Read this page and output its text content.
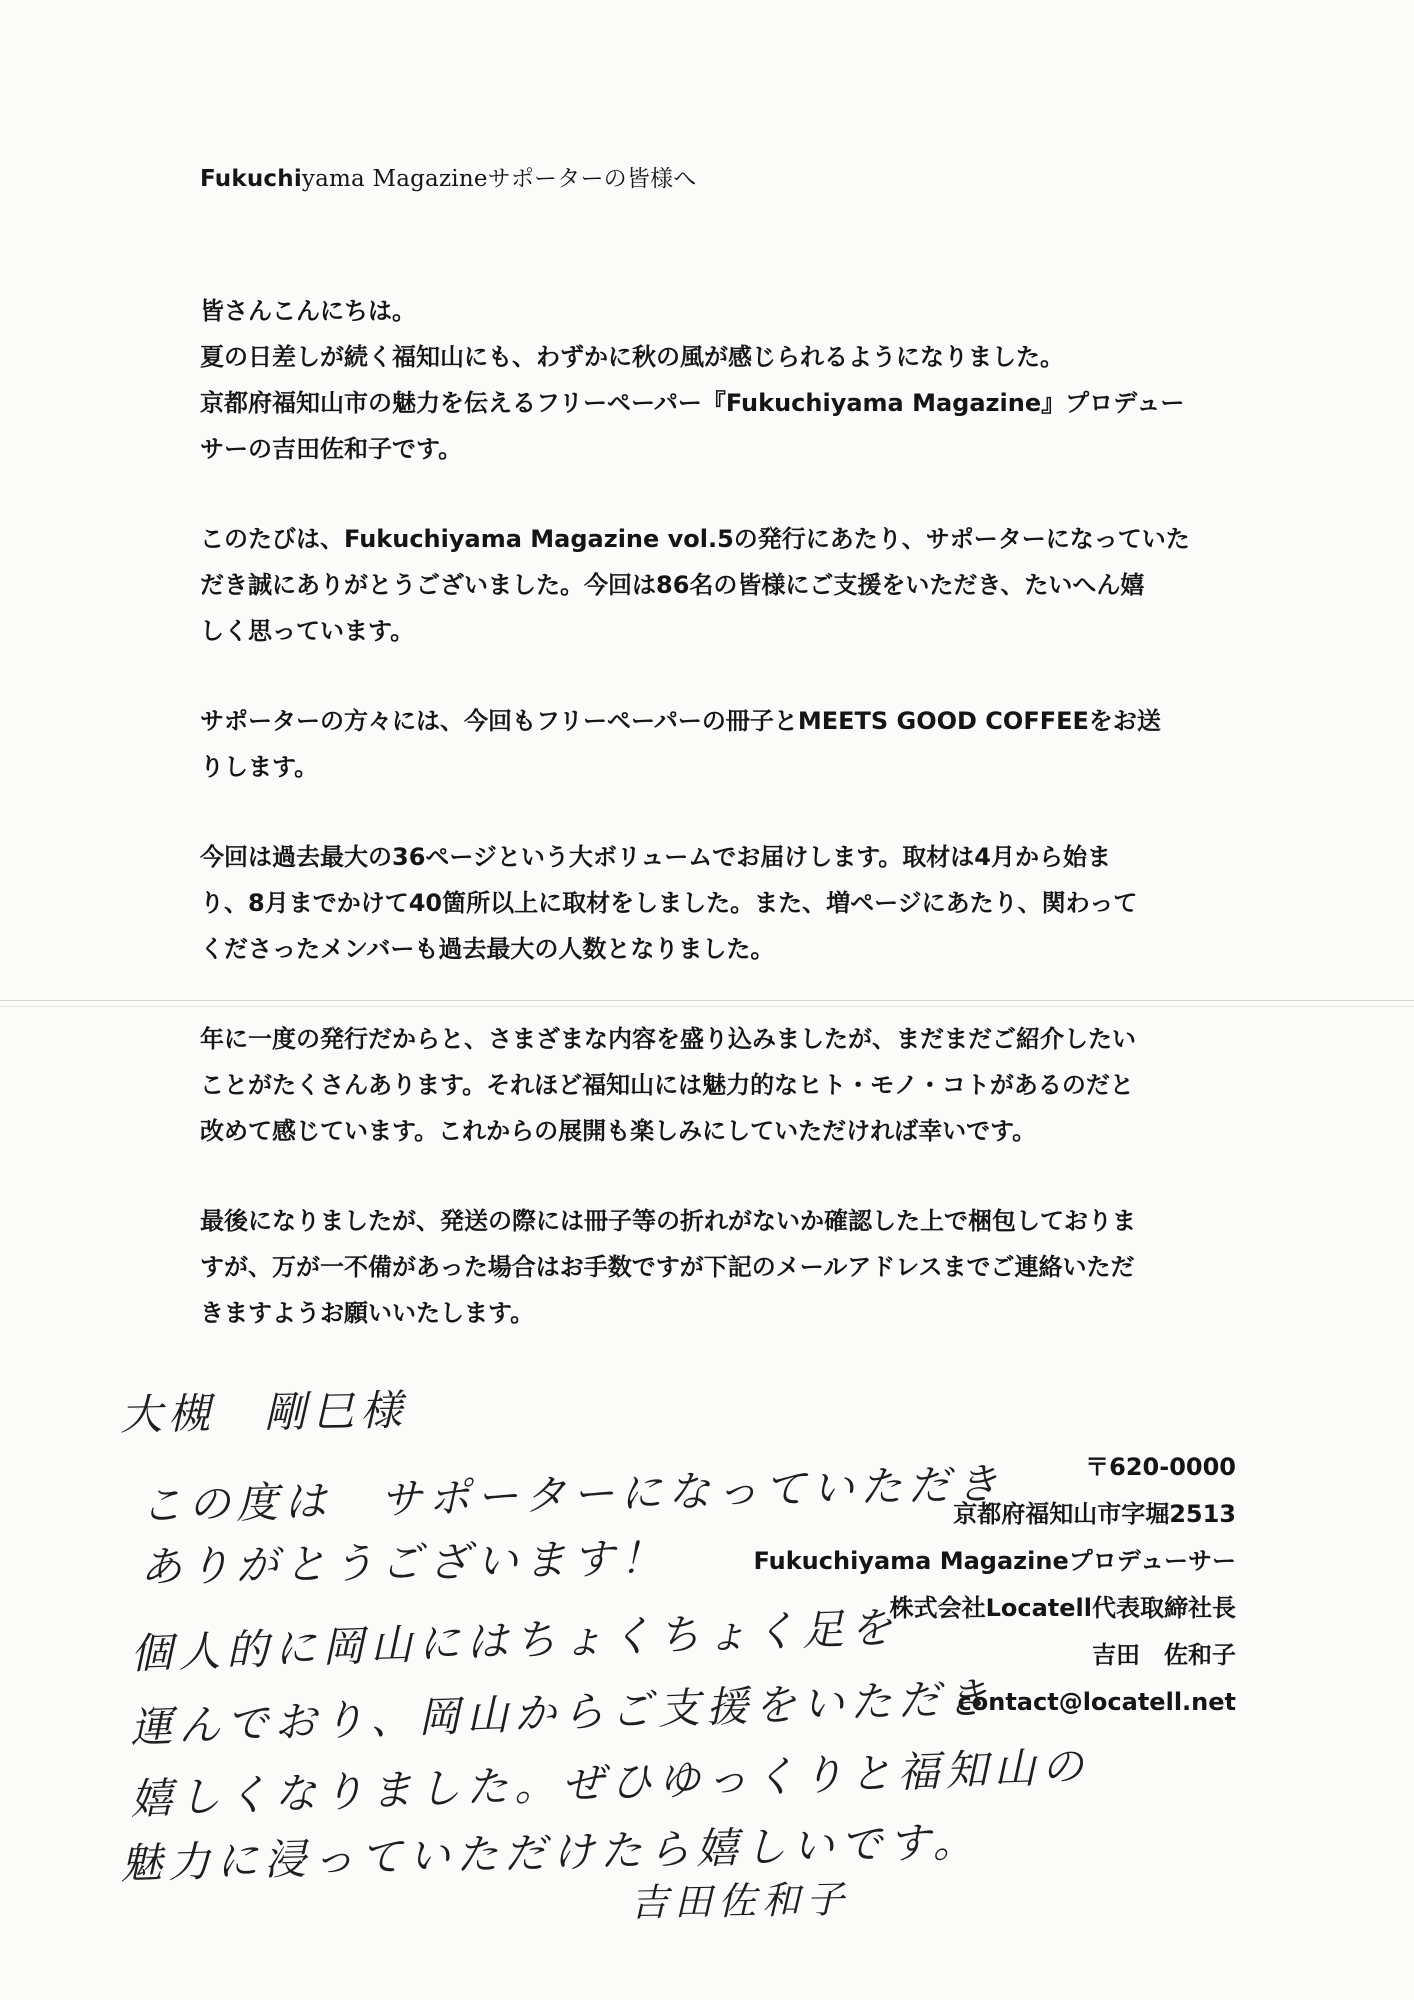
Fukuchiyama Magazineサポーターの皆様へ
皆さんこんにちは。
夏の日差しが続く福知山にも、わずかに秋の風が感じられるようになりました。
京都府福知山市の魅力を伝えるフリーペーパー『Fukuchiyama Magazine』プロデュー
サーの吉田佐和子です。
このたびは、Fukuchiyama Magazine vol.5の発行にあたり、サポーターになっていた
だき誠にありがとうございました。今回は86名の皆様にご支援をいただき、たいへん嬉
しく思っています。
サポーターの方々には、今回もフリーペーパーの冊子とMEETS GOOD COFFEEをお送
りします。
今回は過去最大の36ページという大ボリュームでお届けします。取材は4月から始ま
り、8月までかけて40箇所以上に取材をしました。また、増ページにあたり、関わって
くださったメンバーも過去最大の人数となりました。
年に一度の発行だからと、さまざまな内容を盛り込みましたが、まだまだご紹介したい
ことがたくさんあります。それほど福知山には魅力的なヒト・モノ・コトがあるのだと
改めて感じています。これからの展開も楽しみにしていただければ幸いです。
最後になりましたが、発送の際には冊子等の折れがないか確認した上で梱包しておりま
すが、万が一不備があった場合はお手数ですが下記のメールアドレスまでご連絡いただ
きますようお願いいたします。
〒620-0000
京都府福知山市字堀2513
Fukuchiyama Magazineプロデューサー
株式会社Locatell代表取締社長
吉田　佐和子
contact@locatell.net
大槻　剛巳様
この度は　サポーターになっていただき
ありがとうございます！
個人的に岡山にはちょくちょく足を
運んでおり、岡山からご支援をいただき
嬉しくなりました。ぜひゆっくりと福知山の
魅力に浸っていただけたら嬉しいです。
吉田佐和子
